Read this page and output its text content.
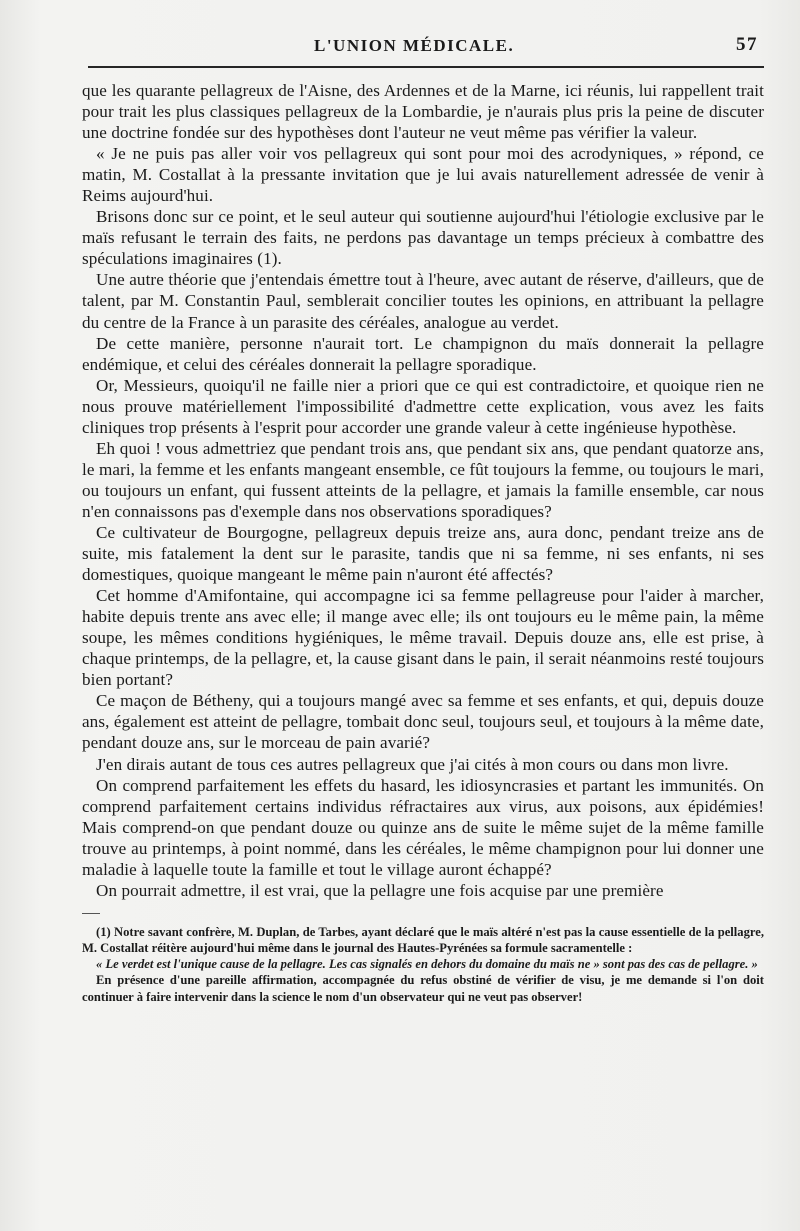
L'UNION MÉDICALE.	57

que les quarante pellagreux de l'Aisne, des Ardennes et de la Marne, ici réunis, lui rappellent trait pour trait les plus classiques pellagreux de la Lombardie, je n'aurais plus pris la peine de discuter une doctrine fondée sur des hypothèses dont l'auteur ne veut même pas vérifier la valeur.

« Je ne puis pas aller voir vos pellagreux qui sont pour moi des acrodyniques, » répond, ce matin, M. Costallat à la pressante invitation que je lui avais naturellement adressée de venir à Reims aujourd'hui.

Brisons donc sur ce point, et le seul auteur qui soutienne aujourd'hui l'étiologie exclusive par le maïs refusant le terrain des faits, ne perdons pas davantage un temps précieux à combattre des spéculations imaginaires (1).

Une autre théorie que j'entendais émettre tout à l'heure, avec autant de réserve, d'ailleurs, que de talent, par M. Constantin Paul, semblerait concilier toutes les opinions, en attribuant la pellagre du centre de la France à un parasite des céréales, analogue au verdet.

De cette manière, personne n'aurait tort. Le champignon du maïs donnerait la pellagre endémique, et celui des céréales donnerait la pellagre sporadique.

Or, Messieurs, quoiqu'il ne faille nier a priori que ce qui est contradictoire, et quoique rien ne nous prouve matériellement l'impossibilité d'admettre cette explication, vous avez les faits cliniques trop présents à l'esprit pour accorder une grande valeur à cette ingénieuse hypothèse.

Eh quoi ! vous admettriez que pendant trois ans, que pendant six ans, que pendant quatorze ans, le mari, la femme et les enfants mangeant ensemble, ce fût toujours la femme, ou toujours le mari, ou toujours un enfant, qui fussent atteints de la pellagre, et jamais la famille ensemble, car nous n'en connaissons pas d'exemple dans nos observations sporadiques?

Ce cultivateur de Bourgogne, pellagreux depuis treize ans, aura donc, pendant treize ans de suite, mis fatalement la dent sur le parasite, tandis que ni sa femme, ni ses enfants, ni ses domestiques, quoique mangeant le même pain n'auront été affectés?

Cet homme d'Amifontaine, qui accompagne ici sa femme pellagreuse pour l'aider à marcher, habite depuis trente ans avec elle; il mange avec elle; ils ont toujours eu le même pain, la même soupe, les mêmes conditions hygiéniques, le même travail. Depuis douze ans, elle est prise, à chaque printemps, de la pellagre, et, la cause gisant dans le pain, il serait néanmoins resté toujours bien portant?

Ce maçon de Bétheny, qui a toujours mangé avec sa femme et ses enfants, et qui, depuis douze ans, également est atteint de pellagre, tombait donc seul, toujours seul, et toujours à la même date, pendant douze ans, sur le morceau de pain avarié?

J'en dirais autant de tous ces autres pellagreux que j'ai cités à mon cours ou dans mon livre.

On comprend parfaitement les effets du hasard, les idiosyncrasies et partant les immunités. On comprend parfaitement certains individus réfractaires aux virus, aux poisons, aux épidémies! Mais comprend-on que pendant douze ou quinze ans de suite le même sujet de la même famille trouve au printemps, à point nommé, dans les céréales, le même champignon pour lui donner une maladie à laquelle toute la famille et tout le village auront échappé?

On pourrait admettre, il est vrai, que la pellagre une fois acquise par une première

(1) Notre savant confrère, M. Duplan, de Tarbes, ayant déclaré que le maïs altéré n'est pas la cause essentielle de la pellagre, M. Costallat réitère aujourd'hui même dans le journal des Hautes-Pyrénées sa formule sacramentelle :

« Le verdet est l'unique cause de la pellagre. Les cas signalés en dehors du domaine du maïs ne » sont pas des cas de pellagre. »

En présence d'une pareille affirmation, accompagnée du refus obstiné de vérifier de visu, je me demande si l'on doit continuer à faire intervenir dans la science le nom d'un observateur qui ne veut pas observer!
